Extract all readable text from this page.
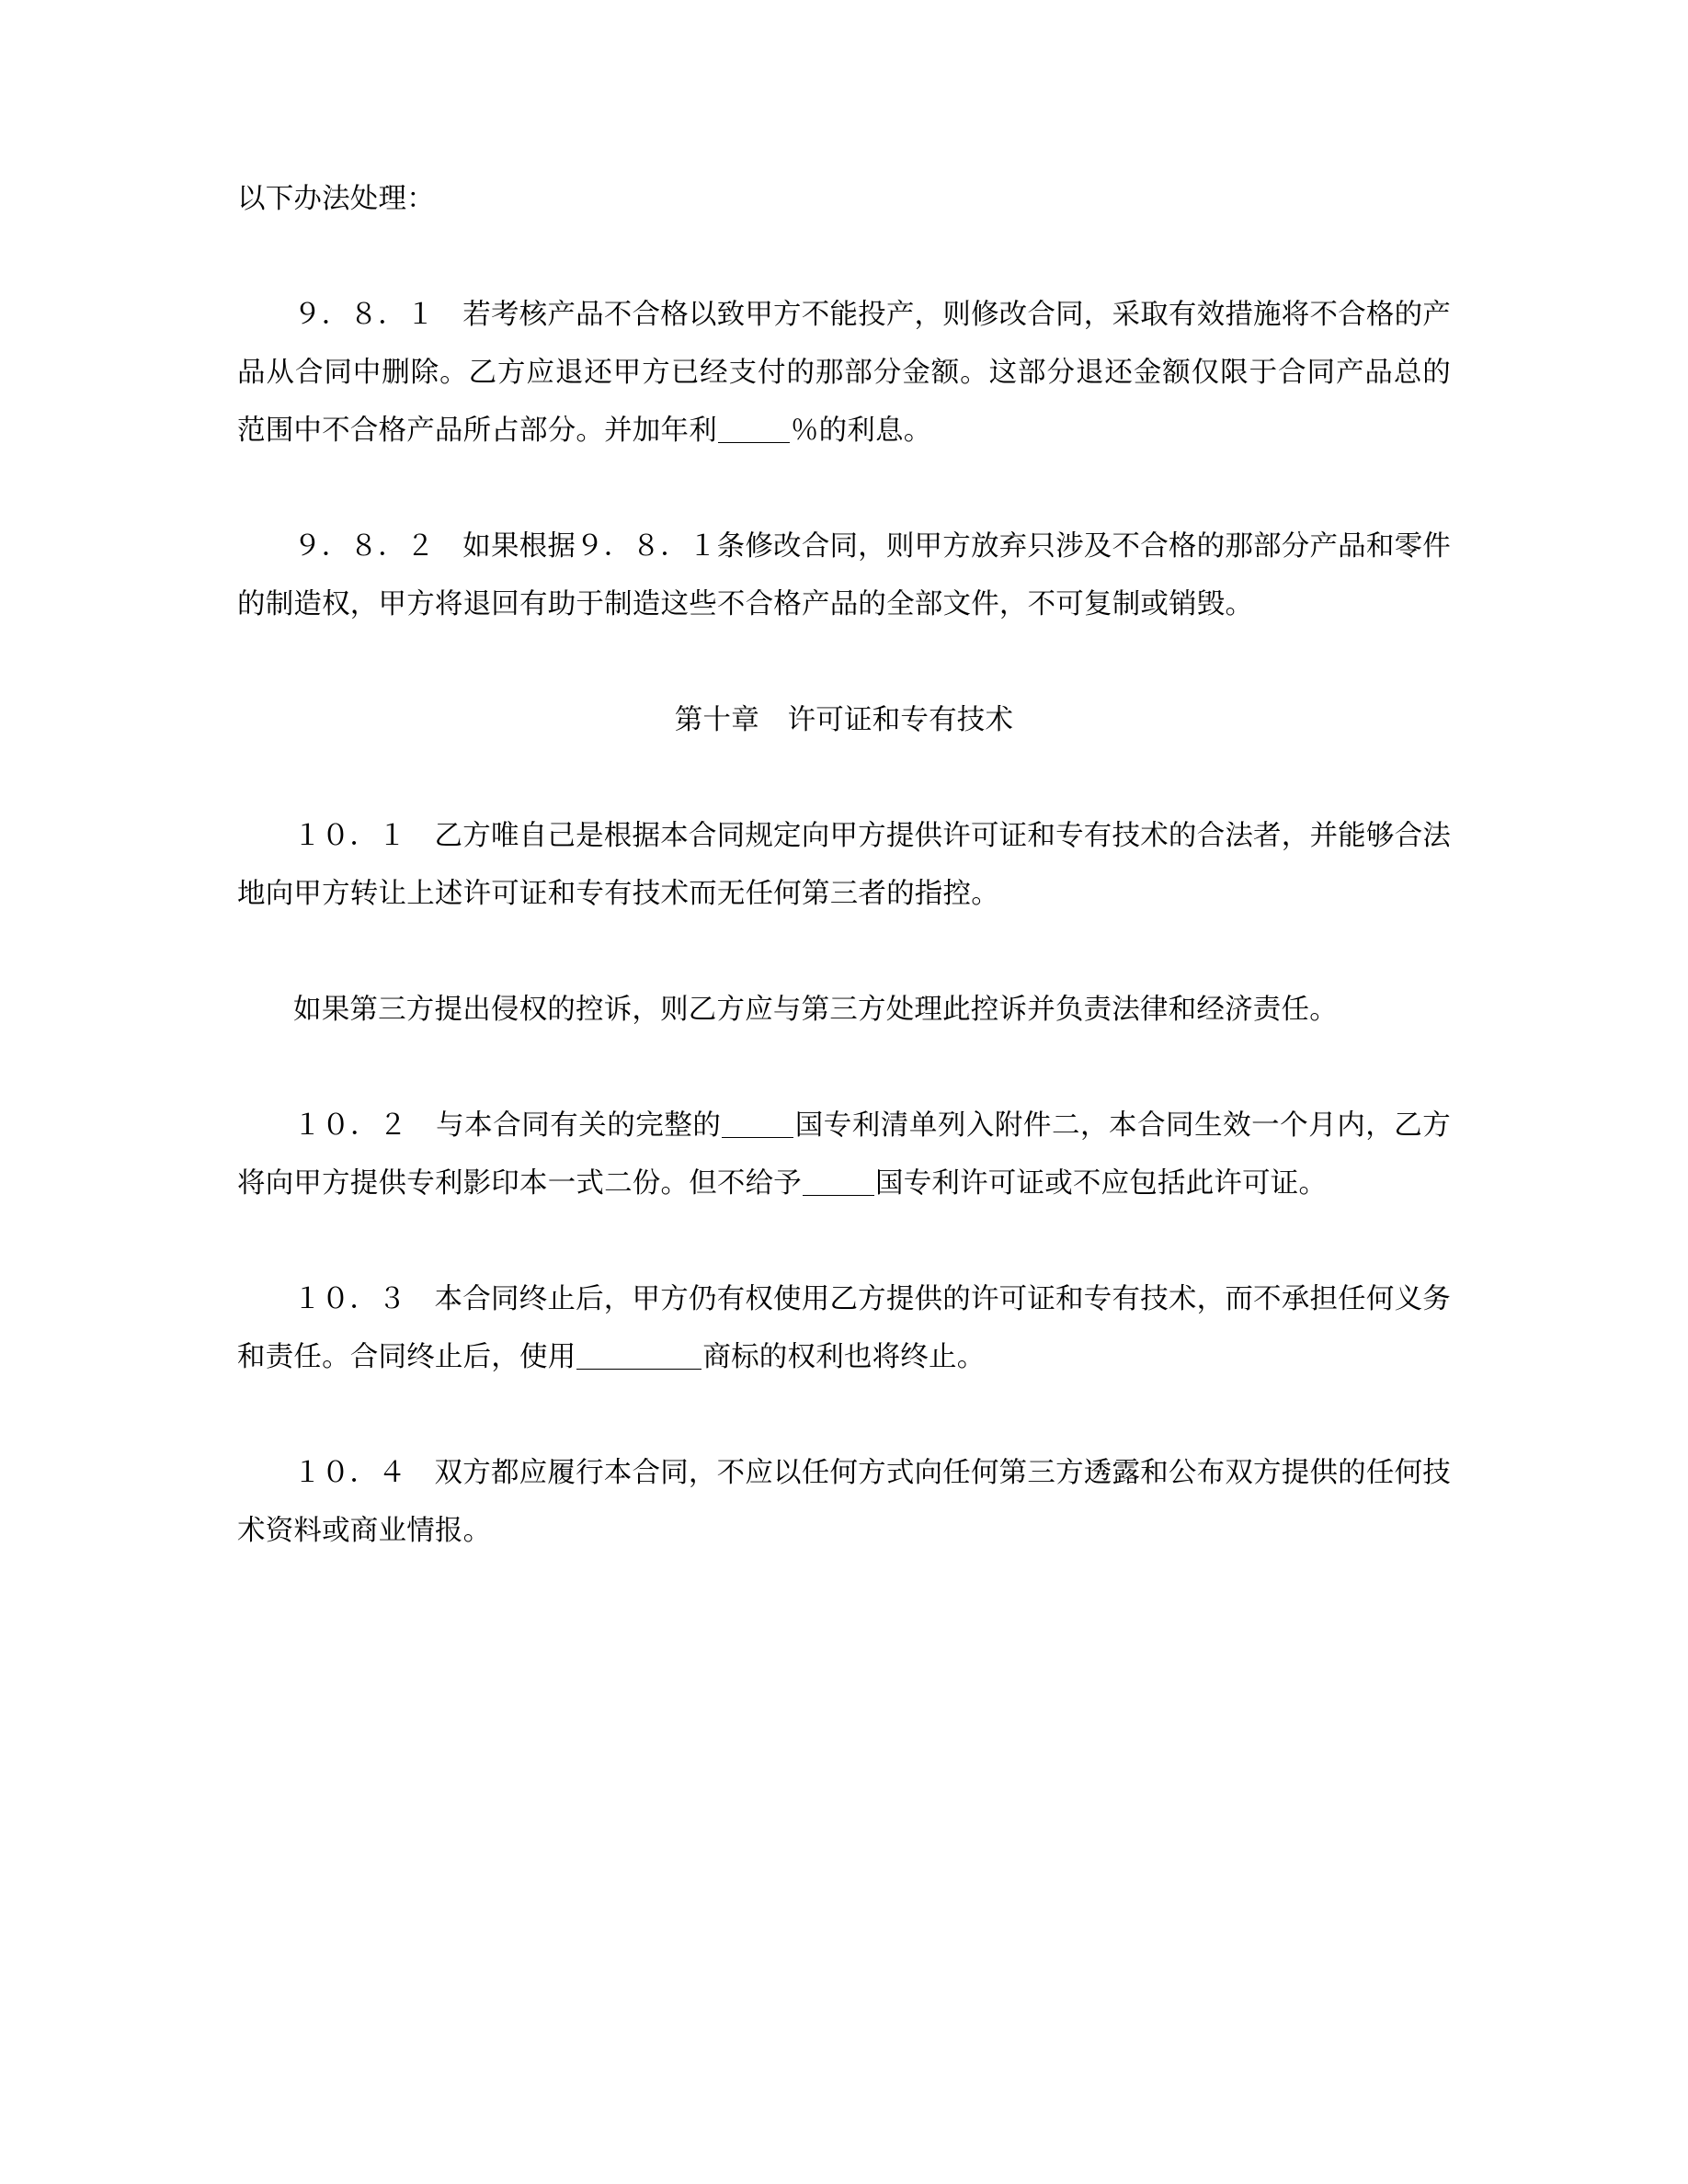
以下办法处理：

９．８．１　若考核产品不合格以致甲方不能投产，则修改合同，采取有效措施将不合格的产品从合同中删除。乙方应退还甲方已经支付的那部分金额。这部分退还金额仅限于合同产品总的范围中不合格产品所占部分。并加年利	％的利息。

９．８．２　如果根据９．８．１条修改合同，则甲方放弃只涉及不合格的那部分产品和零件的制造权，甲方将退回有助于制造这些不合格产品的全部文件，不可复制或销毁。

第十章　许可证和专有技术

１０．１　乙方唯自己是根据本合同规定向甲方提供许可证和专有技术的合法者，并能够合法地向甲方转让上述许可证和专有技术而无任何第三者的指控。

如果第三方提出侵权的控诉，则乙方应与第三方处理此控诉并负责法律和经济责任。

１０．２　与本合同有关的完整的	国专利清单列入附件二，本合同生效一个月内，乙方将向甲方提供专利影印本一式二份。但不给予	国专利许可证或不应包括此许可证。

１０．３　本合同终止后，甲方仍有权使用乙方提供的许可证和专有技术，而不承担任何义务和责任。合同终止后，使用	商标的权利也将终止。

１０．４　双方都应履行本合同，不应以任何方式向任何第三方透露和公布双方提供的任何技术资料或商业情报。
